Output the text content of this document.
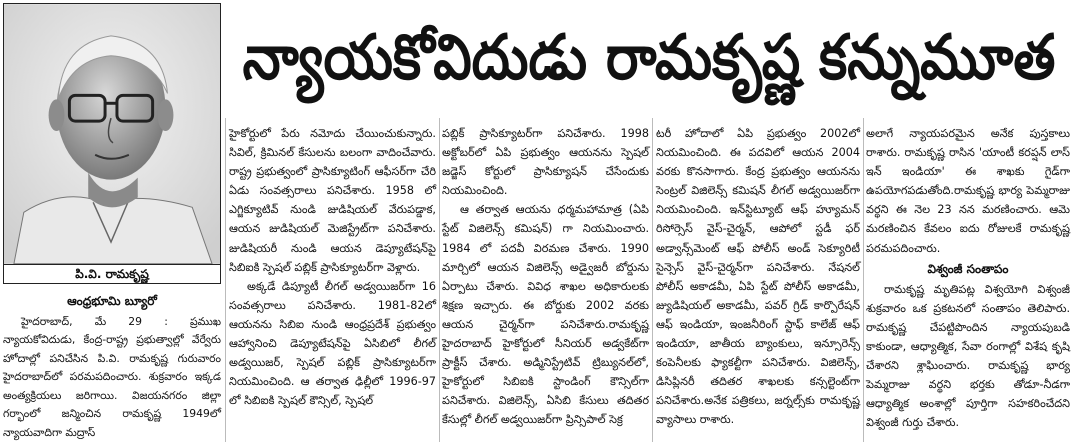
పి.వి. రామకృష్ణ
న్యాయకోవిదుడు రామకృష్ణ కన్నుమూత
ఆంధ్రభూమి బ్యూరో

హైదరాబాద్, మే 29 : ప్రముఖ న్యాయకోవిదుడు, కేంద్ర-రాష్ట్ర ప్రభుత్వాల్లో వేర్వేరు హోదాల్లో పనిచేసిన పి.వి. రామకృష్ణ గురువారం హైదరాబాద్‌లో పరమపదించారు. శుక్రవారం ఇక్కడ అంత్యక్రియలు జరిగాయి. విజయనగరం జిల్లా గర్భాంలో జన్మించిన రామకృష్ణ 1949లో న్యాయవాదిగా మద్రాస్

హైకోర్టులో పేరు నమోదు చేయించుకున్నారు. సివిల్, క్రిమినల్ కేసులను బలంగా వాదించేవారు. రాష్ట్ర ప్రభుత్వంలో ప్రాసిక్యూటింగ్ ఆఫీసర్‌గా చేరి ఏడు సంవత్సరాలు పనిచేశారు. 1958 లో ఎగ్జిక్యూటివ్ నుండి జుడిషియల్ వేరుపడ్డాక, ఆయన జుడిషియల్ మెజిస్ట్రేట్‌గా పనిచేశారు. జుడిషియరీ నుండి ఆయన డెప్యూటేషన్‌పై సిబిఐకి స్పెషల్ పబ్లిక్ ప్రాసిక్యూటర్‌గా వెళ్లారు.

అక్కడే డిప్యూటీ లీగల్ అడ్వయిజర్‌గా 16 సంవత్సరాలు పనిచేశారు. 1981-82లో ఆయనను సిబిఐ నుండి ఆంధ్రప్రదేశ్ ప్రభుత్వం ఆహ్వానించి డెప్యూటేషన్‌పై ఏసిబిలో లీగల్ అడ్వయిజర్, స్పెషల్ పబ్లిక్ ప్రాసిక్యూటర్‌గా నియమించింది. ఆ తర్వాత ఢిల్లీలో 1996-97 లో సిబిఐకి స్పెషల్ కౌన్సిల్, స్పెషల్

పబ్లిక్ ప్రాసిక్యూటర్‌గా పనిచేశారు. 1998 అక్టోబర్‌లో ఏపి ప్రభుత్వం ఆయనను స్పెషల్ జడ్జెస్ కోర్టులో ప్రాసిక్యూషన్ చేసేందుకు నియమించింది.

ఆ తర్వాత ఆయను ధర్మమహామాత్ర (ఏపి స్టేట్ విజిలెన్స్ కమిషన్) గా నియమించారు. 1984 లో పదవీ విరమణ చేశారు. 1990 మార్చిలో ఆయన విజిలెన్స్ అడ్వైజరీ బోర్డును ఏర్పాటు చేశారు. వివిధ శాఖల అధికారులకు శిక్షణ ఇచ్చారు. ఈ బోర్డుకు 2002 వరకు ఆయన చైర్మన్‌గా పనిచేశారు.రామకృష్ణ హైదరాబాద్ హైకోర్టులో సీనియర్ అడ్వకేట్‌గా ప్రాక్టీస్ చేశారు. అడ్మినిస్ట్రేటివ్ ట్రిబ్యునల్‌లో, హైకోర్టులో సిబిఐకి స్టాండింగ్ కౌన్సిల్‌గా పనిచేశారు. విజిలెన్స్, ఏసిబి కేసులు తదితర కేసుల్లో లీగల్ అడ్వయిజర్‌గా ప్రిన్సిపాల్ సెక్ర

టరీ హోదాలో ఏపి ప్రభుత్వం 2002లో నియమించింది. ఈ పదవిలో ఆయన 2004 వరకు కొనసాగారు. కేంద్ర ప్రభుత్వం ఆయనను సెంట్రల్ విజిలెన్స్ కమిషన్ లీగల్ అడ్వయిజర్‌గా నియమించింది. ఇన్‌స్టిట్యూట్ ఆఫ్ హ్యూమన్ రిసోర్సెస్ వైస్-చైర్మన్, ఆపోలో స్టడీ ఫర్ అడ్వాన్స్‌మెంట్ ఆఫ్ పోలీస్ అండ్ సెక్యూరిటీ సైన్సెస్ వైస్-చైర్మన్‌గా పనిచేశారు. నేషనల్ పోలీస్ అకాడమీ, ఏపి స్టేట్ పోలీస్ అకాడమీ, జ్యుడిషియల్ అకాడమీ, పవర్ గ్రిడ్ కార్పొరేషన్ ఆఫ్ ఇండియా, ఇంజనీరింగ్ స్టాఫ్ కాలేజ్ ఆఫ్ ఇండియా, జాతీయ బ్యాంకులు, ఇన్సూరెన్స్ కంపెనీలకు ఫ్యాకల్టీగా పనిచేశారు. విజిలెన్స్, డిసిప్లినరీ తదితర శాఖలకు కన్సల్టెంట్‌గా పనిచేశారు.అనేక పత్రికలు, జర్నల్స్‌కు రామకృష్ణ వ్యాసాలు రాశారు.

అలాగే న్యాయపరమైన అనేక పుస్తకాలు రాశారు. రామకృష్ణ రాసిన 'యాంటీ కరప్షన్ లాస్ ఇన్ ఇండియా' ఈ శాఖకు గైడ్‌గా ఉపయోగపడుతోంది.రామకృష్ణ భార్య పెమ్మరాజు వర్థని ఈ నెల 23 నన మరణించారు. ఆమె మరణించిన కేవలం ఐదు రోజులకే రామకృష్ణ పరమపదించారు.

విశ్వంజీ సంతాపం

రామకృష్ణ మృతిపట్ల విశ్వయోగి విశ్వంజీ శుక్రవారం ఒక ప్రకటనలో సంతాపం తెలిపారు. రామకృష్ణ చేపట్టిపొందిన న్యాయపుబడి కాకుండా, ఆధ్యాత్మిక, సేవా రంగాల్లో విశేష కృషి చేశారని శ్లాఘించారు. రామకృష్ణ భార్య పెమ్మరాజు వర్థని భర్తకు తోడూ-నీడగా ఆధ్యాత్మిక అంశాల్లో పూర్తిగా సహకరించేదని విశ్వంజీ గుర్తు చేశారు.
